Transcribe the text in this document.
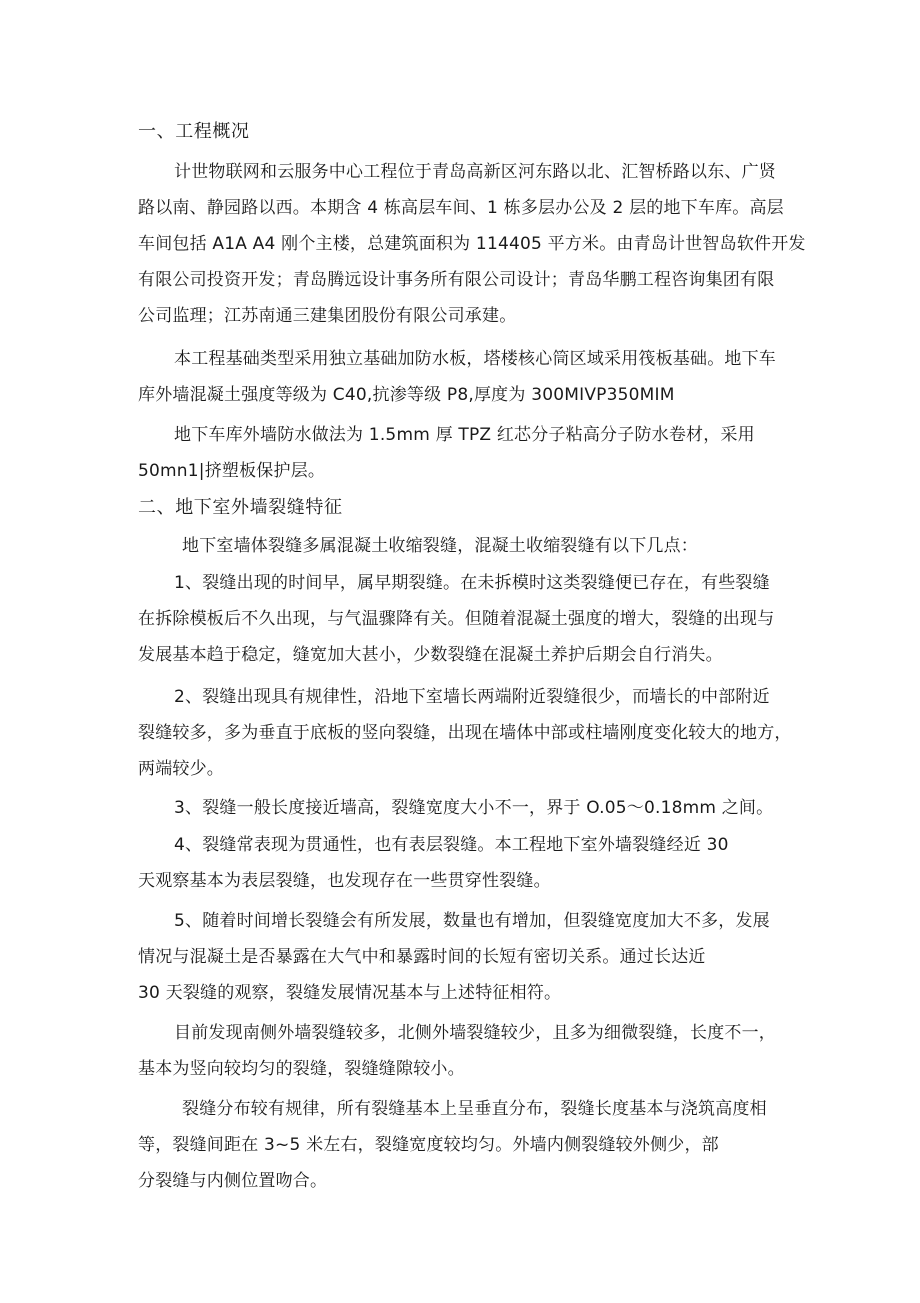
一、工程概况
计世物联网和云服务中心工程位于青岛高新区河东路以北、汇智桥路以东、广贤
路以南、静园路以西。本期含 4 栋高层车间、1 栋多层办公及 2 层的地下车库。高层
车间包括 A1A A4 刚个主楼，总建筑面积为 114405 平方米。由青岛计世智岛软件开发
有限公司投资开发；青岛腾远设计事务所有限公司设计；青岛华鹏工程咨询集团有限
公司监理；江苏南通三建集团股份有限公司承建。
本工程基础类型采用独立基础加防水板，塔楼核心筒区域采用筏板基础。地下车
库外墙混凝土强度等级为 C40,抗渗等级 P8,厚度为 300MIVP350MIM
地下车库外墙防水做法为 1.5mm 厚 TPZ 红芯分子粘高分子防水卷材，采用
50mn1|挤塑板保护层。
二、地下室外墙裂缝特征
地下室墙体裂缝多属混凝土收缩裂缝，混凝土收缩裂缝有以下几点：
1、裂缝出现的时间早，属早期裂缝。在未拆模时这类裂缝便已存在，有些裂缝
在拆除模板后不久出现，与气温骤降有关。但随着混凝土强度的增大，裂缝的出现与
发展基本趋于稳定，缝宽加大甚小，少数裂缝在混凝土养护后期会自行消失。
2、裂缝出现具有规律性，沿地下室墙长两端附近裂缝很少，而墙长的中部附近
裂缝较多，多为垂直于底板的竖向裂缝，出现在墙体中部或柱墙刚度变化较大的地方，
两端较少。
3、裂缝一般长度接近墙高，裂缝宽度大小不一，界于 O.05～0.18mm 之间。
4、裂缝常表现为贯通性，也有表层裂缝。本工程地下室外墙裂缝经近 30
天观察基本为表层裂缝，也发现存在一些贯穿性裂缝。
5、随着时间增长裂缝会有所发展，数量也有增加，但裂缝宽度加大不多，发展
情况与混凝土是否暴露在大气中和暴露时间的长短有密切关系。通过长达近
30 天裂缝的观察，裂缝发展情况基本与上述特征相符。
目前发现南侧外墙裂缝较多，北侧外墙裂缝较少，且多为细微裂缝，长度不一，
基本为竖向较均匀的裂缝，裂缝缝隙较小。
裂缝分布较有规律，所有裂缝基本上呈垂直分布，裂缝长度基本与浇筑高度相
等，裂缝间距在 3~5 米左右，裂缝宽度较均匀。外墙内侧裂缝较外侧少，部
分裂缝与内侧位置吻合。
